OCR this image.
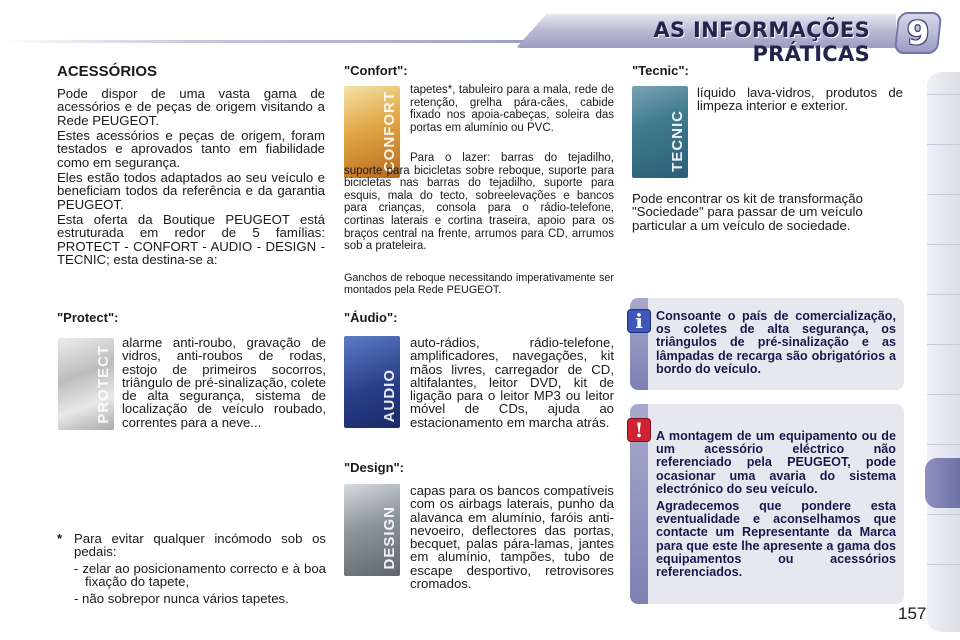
AS INFORMAÇÕES PRÁTICAS
9
ACESSÓRIOS

Pode dispor de uma vasta gama de acessórios e de peças de origem visitando a Rede PEUGEOT.

Estes acessórios e peças de origem, foram testados e aprovados tanto em fiabilidade como em segurança.

Eles estão todos adaptados ao seu veículo e beneficiam todos da referência e da garantia PEUGEOT.

Esta oferta da Boutique PEUGEOT está estruturada em redor de 5 famílias: PROTECT - CONFORT - AUDIO - DESIGN - TECNIC; esta destina-se a:

"Protect":
PROTECT

alarme anti-roubo, gravação de vidros, anti-roubos de rodas, estojo de primeiros socorros, triângulo de pré-sinalização, colete de alta segurança, sistema de localização de veículo roubado, correntes para a neve...

* Para evitar qualquer incómodo sob os pedais:

- zelar ao posicionamento correcto e à boa fixação do tapete,

- não sobrepor nunca vários tapetes.

"Confort":
CONFORT

tapetes*, tabuleiro para a mala, rede de retenção, grelha pára-cães, cabide fixado nos apoia-cabeças, soleira das portas em alumínio ou PVC.

Para o lazer: barras do tejadilho, suporte para bicicletas sobre reboque, suporte para bicicletas nas barras do tejadilho, suporte para esquis, mala do tecto, sobreelevações e bancos para crianças, consola para o rádio-telefone, cortinas laterais e cortina traseira, apoio para os braços central na frente, arrumos para CD, arrumos sob a prateleira.

Ganchos de reboque necessitando imperativamente ser montados pela Rede PEUGEOT.

"Áudio":
AUDIO

auto-rádios, rádio-telefone, amplificadores, navegações, kit mãos livres, carregador de CD, altifalantes, leitor DVD, kit de ligação para o leitor MP3 ou leitor móvel de CDs, ajuda ao estacionamento em marcha atrás.

"Design":
DESIGN

capas para os bancos compatíveis com os airbags laterais, punho da alavanca em alumínio, faróis anti-nevoeiro, deflectores das portas, becquet, palas pára-lamas, jantes em alumínio, tampões, tubo de escape desportivo, retrovisores cromados.

"Tecnic":
TECNIC

líquido lava-vidros, produtos de limpeza interior e exterior.

Pode encontrar os kit de transformação "Sociedade" para passar de um veículo particular a um veículo de sociedade.

i	Consoante o país de comercialização, os coletes de alta segurança, os triângulos de pré-sinalização e as lâmpadas de recarga são obrigatórios a bordo do veículo.

!	A montagem de um equipamento ou de um acessório eléctrico não referenciado pela PEUGEOT, pode ocasionar uma avaria do sistema electrónico do seu veículo.

Agradecemos que pondere esta eventualidade e aconselhamos que contacte um Representante da Marca para que este lhe apresente a gama dos equipamentos ou acessórios referenciados.

157
